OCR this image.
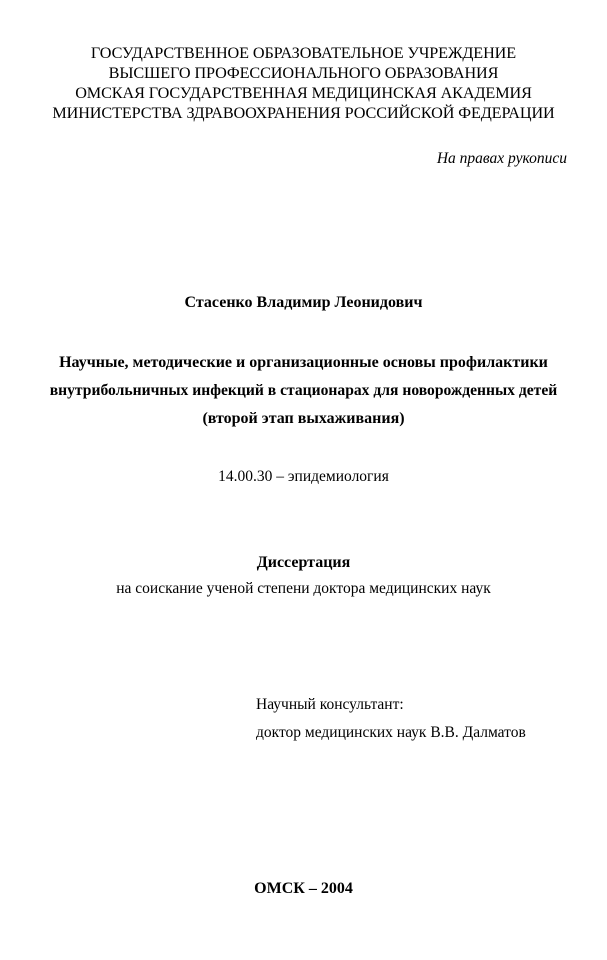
ГОСУДАРСТВЕННОЕ ОБРАЗОВАТЕЛЬНОЕ УЧРЕЖДЕНИЕ
ВЫСШЕГО ПРОФЕССИОНАЛЬНОГО ОБРАЗОВАНИЯ
ОМСКАЯ ГОСУДАРСТВЕННАЯ МЕДИЦИНСКАЯ АКАДЕМИЯ
МИНИСТЕРСТВА ЗДРАВООХРАНЕНИЯ РОССИЙСКОЙ ФЕДЕРАЦИИ
На правах рукописи
Стасенко Владимир Леонидович
Научные, методические и организационные основы профилактики
внутрибольничных инфекций в стационарах для новорожденных детей
(второй этап выхаживания)
14.00.30 – эпидемиология
Диссертация
на соискание ученой степени доктора медицинских наук
Научный консультант:
доктор медицинских наук В.В. Далматов
ОМСК – 2004
